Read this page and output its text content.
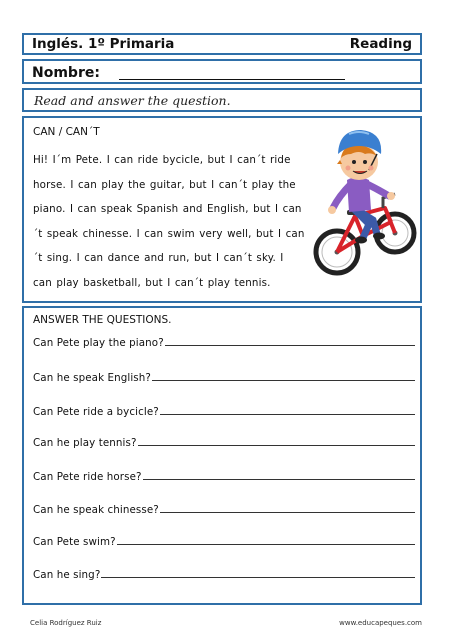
Inglés. 1º Primaria	Reading
Nombre:
Read and answer the question.
CAN / CAN´T
Hi! I´m Pete. I can ride bycicle, but I can´t ride horse. I can play the guitar, but I can´t play the piano. I can speak Spanish and English, but I can´t speak chinesse. I can swim very well, but I can´t sing. I can dance and run, but I can´t sky. I can play basketball, but I can´t play tennis.
ANSWER THE QUESTIONS.
Can Pete play the piano?
Can he speak English?
Can Pete ride a bycicle?
Can he play tennis?
Can Pete ride horse?
Can he speak chinesse?
Can Pete swim?
Can he sing?
Celia Rodríguez Ruiz	www.educapeques.com
